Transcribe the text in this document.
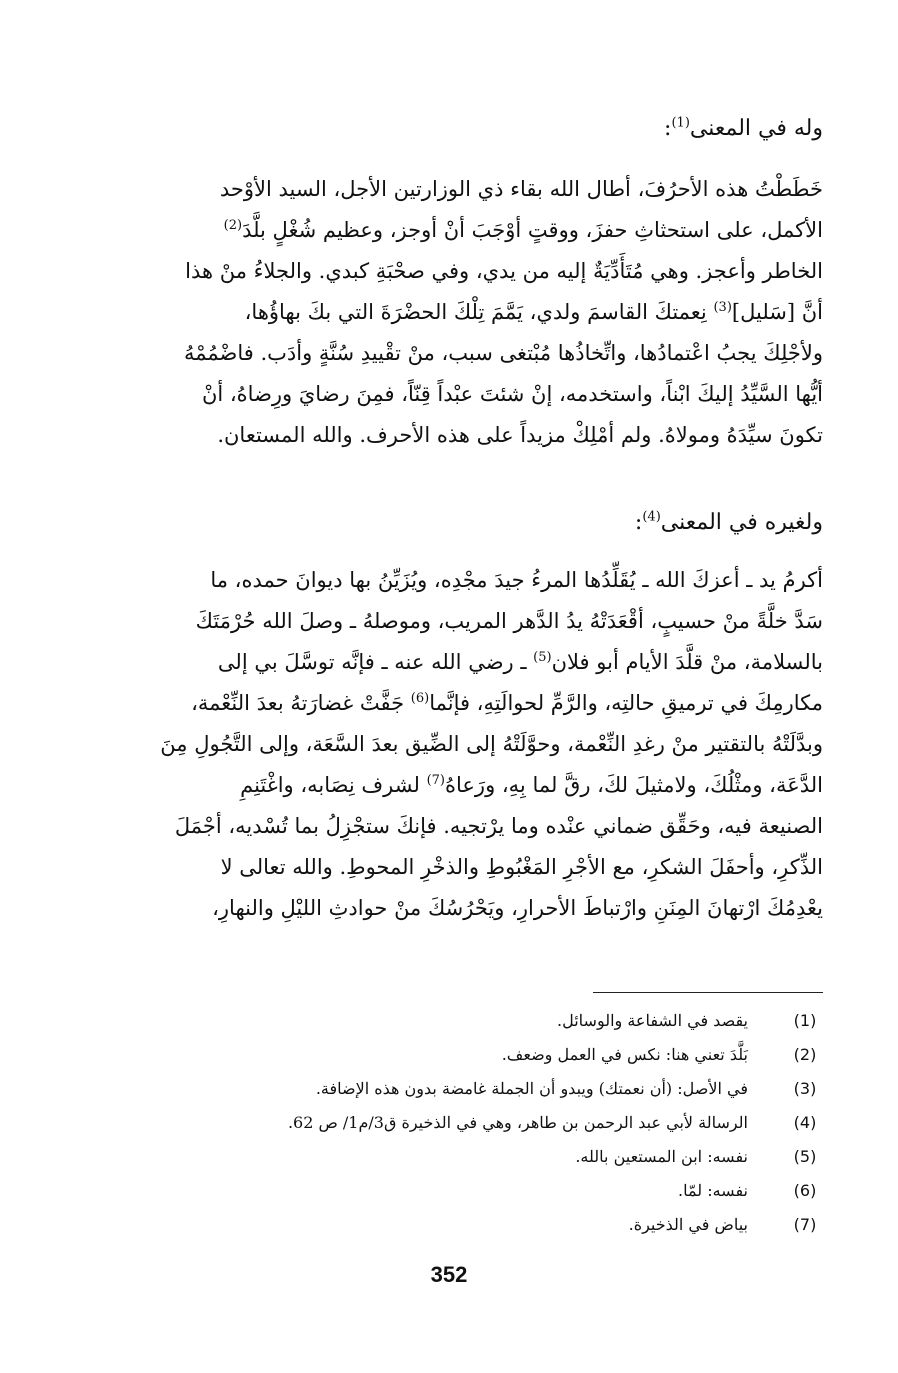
وله في المعنى$^{(1)}$:
خَطَطْتُ هذه الأحرُفَ، أطال الله بقاء ذي الوزارتين الأجل، السيد الأوْحد
الأكمل، على استحثاثِ حفزَ، ووقتٍ أوْجَبَ أنْ أوجز، وعظيم شُغْلٍ بلَّدَ$^{(2)}$
الخاطر وأعجز. وهي مُتَأَدِّيَةٌ إليه من يدي، وفي صحْبَةِ كبدي. والجلاءُ منْ هذا
أنَّ [سَليل]$^{(3)}$ نِعمتكَ القاسمَ ولدي، يَمَّمَ تِلْكَ الحضْرَةَ التي بكَ بهاؤُها،
ولأجْلِكَ يجبُ اعْتمادُها، واتِّخاذُها مُبْتغى سبب، منْ تقْييدِ سُنَّةٍ وأدَب. فاضْمُمْهُ
أيُّها السَّيِّدُ إليكَ ابْناً، واستخدمه، إنْ شئتَ عبْداً قِنّاً، فمِنَ رضايَ ورِضاهُ، أنْ
تكونَ سيِّدَهُ ومولاهُ. ولم أمْلِكْ مزيداً على هذه الأحرف. والله المستعان.
ولغيره في المعنى$^{(4)}$:
أكرمُ يد ـ أعزكَ الله ـ يُقَلِّدُها المرءُ جيدَ مجْدِه، ويُزَيِّنُ بها ديوانَ حمده، ما
سَدَّ خلَّةً منْ حسيبٍ، أقْعَدَتْهُ يدُ الدَّهر المريب، وموصلهُ ـ وصلَ الله حُرْمَتَكَ
بالسلامة، منْ قلَّدَ الأيام أبو فلان$^{(5)}$ ـ رضي الله عنه ـ فإنَّه توسَّلَ بي إلى
مكارمِكَ في ترميقِ حالتِه، والرَّمِّ لحوالَتِهِ، فإنَّما$^{(6)}$ جَفَّتْ غضارَتهُ بعدَ النِّعْمة،
وبدَّلَتْهُ بالتقتير منْ رغدِ النِّعْمة، وحوَّلَتْهُ إلى الضِّيق بعدَ السَّعَة، وإلى التَّجُولِ مِنَ
الدَّعَة، ومثْلُكَ، ولامثيلَ لكَ، رقَّ لما بِهِ، ورَعاهُ$^{(7)}$ لشرف نِصَابه، واغْتَنِمِ
الصنيعة فيه، وحَقِّق ضماني عنْده وما يرْتجيه. فإنكَ ستجْزِلُ بما تُسْديه، أجْمَلَ
الذِّكرِ، وأحفَلَ الشكرِ، مع الأجْرِ المَغْبُوطِ والذخْرِ المحوطِ. والله تعالى لا
يعْدِمُكَ ارْتهانَ المِنَنِ وارْتباطَ الأحرارِ، ويَحْرُسُكَ منْ حوادثِ الليْلِ والنهارِ،
(1)
يقصد في الشفاعة والوسائل.
(2)
بَلَّدَ تعني هنا: نكس في العمل وضعف.
(3)
في الأصل: (أن نعمتك) ويبدو أن الجملة غامضة بدون هذه الإضافة.
(4)
الرسالة لأبي عبد الرحمن بن طاهر، وهي في الذخيرة ق3/م1/ ص 62.
(5)
نفسه: ابن المستعين بالله.
(6)
نفسه: لمّا.
(7)
بياض في الذخيرة.
352
